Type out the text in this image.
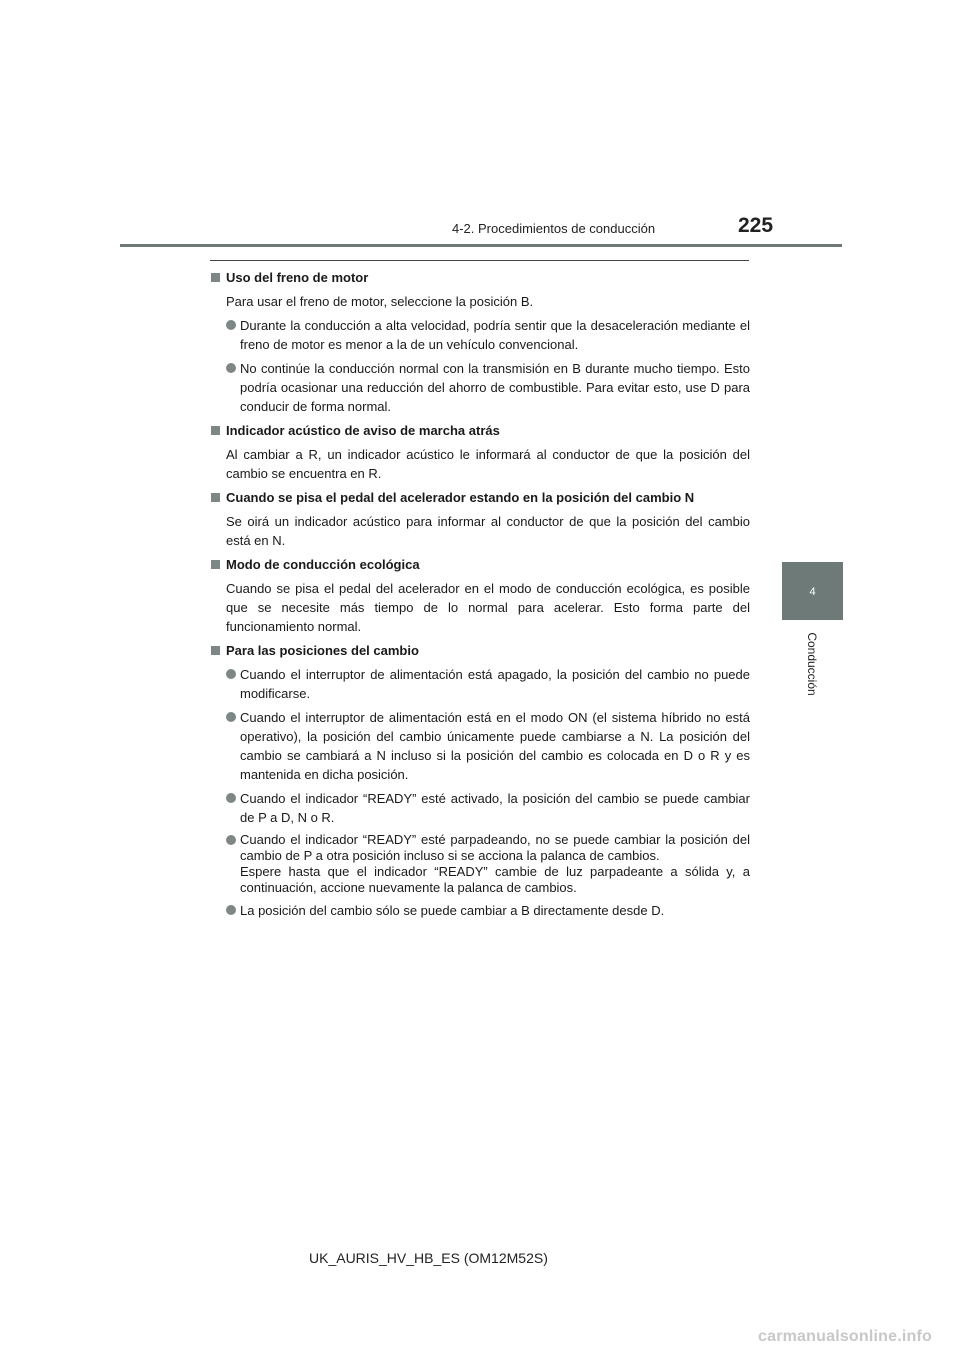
4-2. Procedimientos de conducción	225
4
Conducción
Uso del freno de motor
Para usar el freno de motor, seleccione la posición B.
Durante la conducción a alta velocidad, podría sentir que la desaceleración mediante el freno de motor es menor a la de un vehículo convencional.
No continúe la conducción normal con la transmisión en B durante mucho tiempo. Esto podría ocasionar una reducción del ahorro de combustible. Para evitar esto, use D para conducir de forma normal.
Indicador acústico de aviso de marcha atrás
Al cambiar a R, un indicador acústico le informará al conductor de que la posición del cambio se encuentra en R.
Cuando se pisa el pedal del acelerador estando en la posición del cambio N
Se oirá un indicador acústico para informar al conductor de que la posición del cambio está en N.
Modo de conducción ecológica
Cuando se pisa el pedal del acelerador en el modo de conducción ecológica, es posible que se necesite más tiempo de lo normal para acelerar. Esto forma parte del funcionamiento normal.
Para las posiciones del cambio
Cuando el interruptor de alimentación está apagado, la posición del cambio no puede modificarse.
Cuando el interruptor de alimentación está en el modo ON (el sistema híbrido no está operativo), la posición del cambio únicamente puede cambiarse a N. La posición del cambio se cambiará a N incluso si la posición del cambio es colocada en D o R y es mantenida en dicha posición.
Cuando el indicador “READY” esté activado, la posición del cambio se puede cambiar de P a D, N o R.
Cuando el indicador “READY” esté parpadeando, no se puede cambiar la posición del cambio de P a otra posición incluso si se acciona la palanca de cambios.
Espere hasta que el indicador “READY” cambie de luz parpadeante a sólida y, a continuación, accione nuevamente la palanca de cambios.
La posición del cambio sólo se puede cambiar a B directamente desde D.
UK_AURIS_HV_HB_ES (OM12M52S)
carmanualsonline.info
